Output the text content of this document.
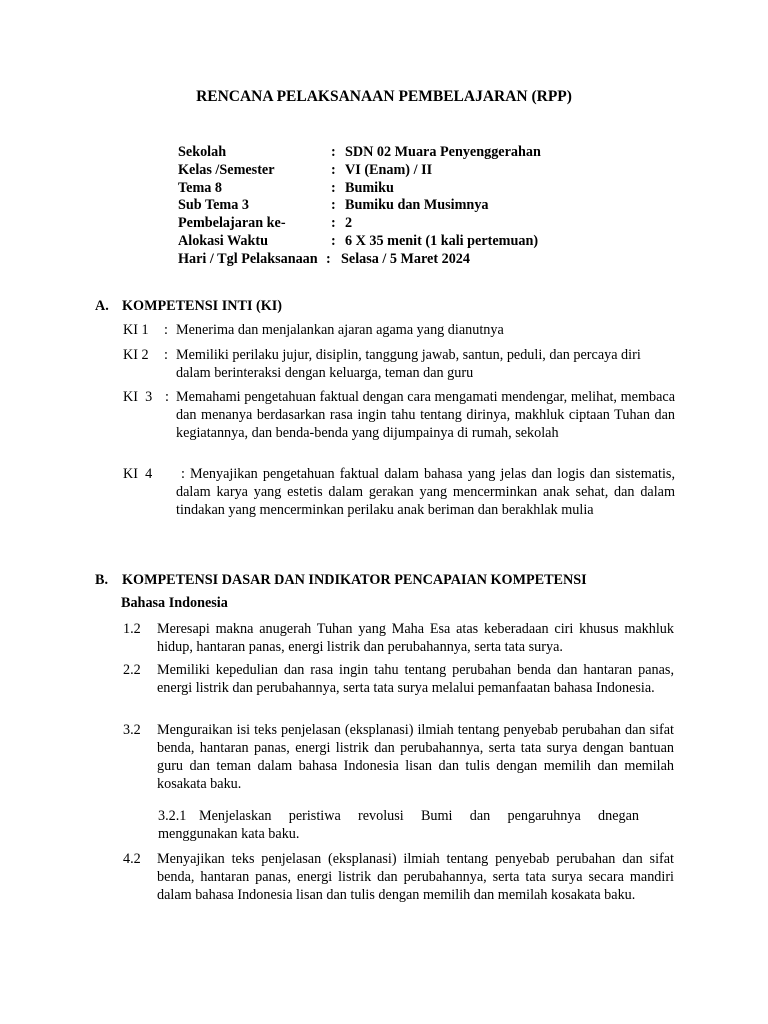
RENCANA PELAKSANAAN PEMBELAJARAN (RPP)
Sekolah	: SDN 02 Muara Penyenggerahan
Kelas /Semester	: VI (Enam) / II
Tema 8	: Bumiku
Sub Tema 3	: Bumiku dan Musimnya
Pembelajaran ke-	: 2
Alokasi Waktu	: 6 X 35 menit (1 kali pertemuan)
Hari / Tgl Pelaksanaan : Selasa / 5 Maret 2024
A. KOMPETENSI INTI (KI)
KI 1 : Menerima dan menjalankan ajaran agama yang dianutnya
KI 2 : Memiliki perilaku jujur, disiplin, tanggung jawab, santun, peduli, dan percaya diri dalam berinteraksi dengan keluarga, teman dan guru
KI  3 : Memahami pengetahuan faktual dengan cara mengamati mendengar, melihat, membaca dan menanya berdasarkan rasa ingin tahu tentang dirinya, makhluk ciptaan Tuhan dan kegiatannya, dan benda-benda yang dijumpainya di rumah, sekolah
KI  4 : Menyajikan pengetahuan faktual dalam bahasa yang jelas dan logis dan sistematis, dalam karya yang estetis dalam gerakan yang mencerminkan anak sehat, dan dalam tindakan yang mencerminkan perilaku anak beriman dan berakhlak mulia
B. KOMPETENSI DASAR DAN INDIKATOR PENCAPAIAN KOMPETENSI
Bahasa Indonesia
1.2 Meresapi makna anugerah Tuhan yang Maha Esa atas keberadaan ciri khusus makhluk hidup, hantaran panas, energi listrik dan perubahannya, serta tata surya.
2.2 Memiliki kepedulian dan rasa ingin tahu tentang perubahan benda dan hantaran panas, energi listrik dan perubahannya, serta tata surya melalui pemanfaatan bahasa Indonesia.
3.2 Menguraikan isi teks penjelasan (eksplanasi) ilmiah tentang penyebab perubahan dan sifat benda, hantaran panas, energi listrik dan perubahannya, serta tata surya dengan bantuan guru dan teman dalam bahasa Indonesia lisan dan tulis dengan memilih dan memilah kosakata baku.
3.2.1 Menjelaskan peristiwa revolusi Bumi dan pengaruhnya dnegan menggunakan kata baku.
4.2 Menyajikan teks penjelasan (eksplanasi) ilmiah tentang penyebab perubahan dan sifat benda, hantaran panas, energi listrik dan perubahannya, serta tata surya secara mandiri dalam bahasa Indonesia lisan dan tulis dengan memilih dan memilah kosakata baku.
